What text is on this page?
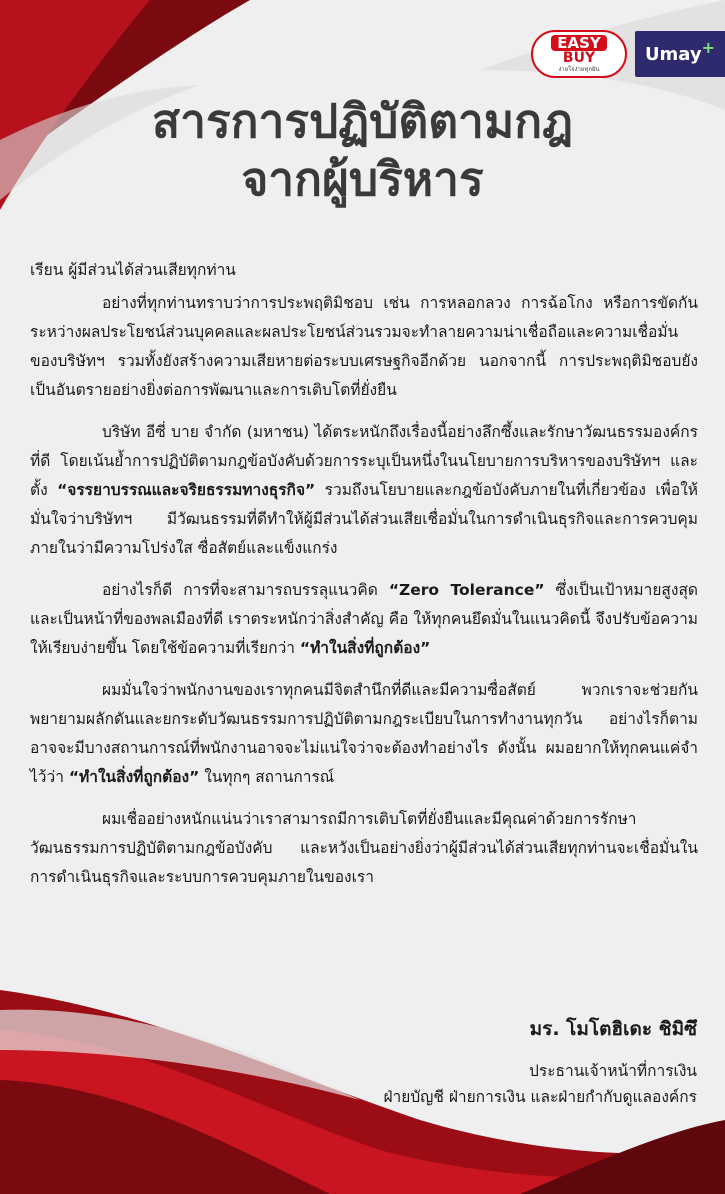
EASY
BUY
ง่ายใจง่ายทุกฝัน
Umay +
สารการปฏิบัติตามกฎ
จากผู้บริหาร

เรียน ผู้มีส่วนได้ส่วนเสียทุกท่าน

อย่างที่ทุกท่านทราบว่าการประพฤติมิชอบ เช่น การหลอกลวง การฉ้อโกง หรือการขัดกันระหว่างผลประโยชน์ส่วนบุคคลและผลประโยชน์ส่วนรวมจะทำลายความน่าเชื่อถือและความเชื่อมั่นของบริษัทฯ รวมทั้งยังสร้างความเสียหายต่อระบบเศรษฐกิจอีกด้วย นอกจากนี้ การประพฤติมิชอบยังเป็นอันตรายอย่างยิ่งต่อการพัฒนาและการเติบโตที่ยั่งยืน

บริษัท อีซี่ บาย จำกัด (มหาชน) ได้ตระหนักถึงเรื่องนี้อย่างลึกซึ้งและรักษาวัฒนธรรมองค์กรที่ดี โดยเน้นย้ำการปฏิบัติตามกฎข้อบังคับด้วยการระบุเป็นหนึ่งในนโยบายการบริหารของบริษัทฯ และตั้ง “จรรยาบรรณและจริยธรรมทางธุรกิจ” รวมถึงนโยบายและกฎข้อบังคับภายในที่เกี่ยวข้อง เพื่อให้มั่นใจว่าบริษัทฯ มีวัฒนธรรมที่ดีทำให้ผู้มีส่วนได้ส่วนเสียเชื่อมั่นในการดำเนินธุรกิจและการควบคุมภายในว่ามีความโปร่งใส ซื่อสัตย์และแข็งแกร่ง

อย่างไรก็ดี การที่จะสามารถบรรลุแนวคิด “Zero Tolerance” ซึ่งเป็นเป้าหมายสูงสุดและเป็นหน้าที่ของพลเมืองที่ดี เราตระหนักว่าสิ่งสำคัญ คือ ให้ทุกคนยึดมั่นในแนวคิดนี้ จึงปรับข้อความให้เรียบง่ายขึ้น โดยใช้ข้อความที่เรียกว่า “ทำในสิ่งที่ถูกต้อง”

ผมมั่นใจว่าพนักงานของเราทุกคนมีจิตสำนึกที่ดีและมีความซื่อสัตย์ พวกเราจะช่วยกันพยายามผลักดันและยกระดับวัฒนธรรมการปฏิบัติตามกฎระเบียบในการทำงานทุกวัน อย่างไรก็ตาม อาจจะมีบางสถานการณ์ที่พนักงานอาจจะไม่แน่ใจว่าจะต้องทำอย่างไร ดังนั้น ผมอยากให้ทุกคนแค่จำไว้ว่า “ทำในสิ่งที่ถูกต้อง” ในทุกๆ สถานการณ์

ผมเชื่ออย่างหนักแน่นว่าเราสามารถมีการเติบโตที่ยั่งยืนและมีคุณค่าด้วยการรักษาวัฒนธรรมการปฏิบัติตามกฎข้อบังคับ และหวังเป็นอย่างยิ่งว่าผู้มีส่วนได้ส่วนเสียทุกท่านจะเชื่อมั่นในการดำเนินธุรกิจและระบบการควบคุมภายในของเรา

มร. โมโตฮิเดะ ชิมิซึ
ประธานเจ้าหน้าที่การเงิน
ฝ่ายบัญชี ฝ่ายการเงิน และฝ่ายกำกับดูแลองค์กร
